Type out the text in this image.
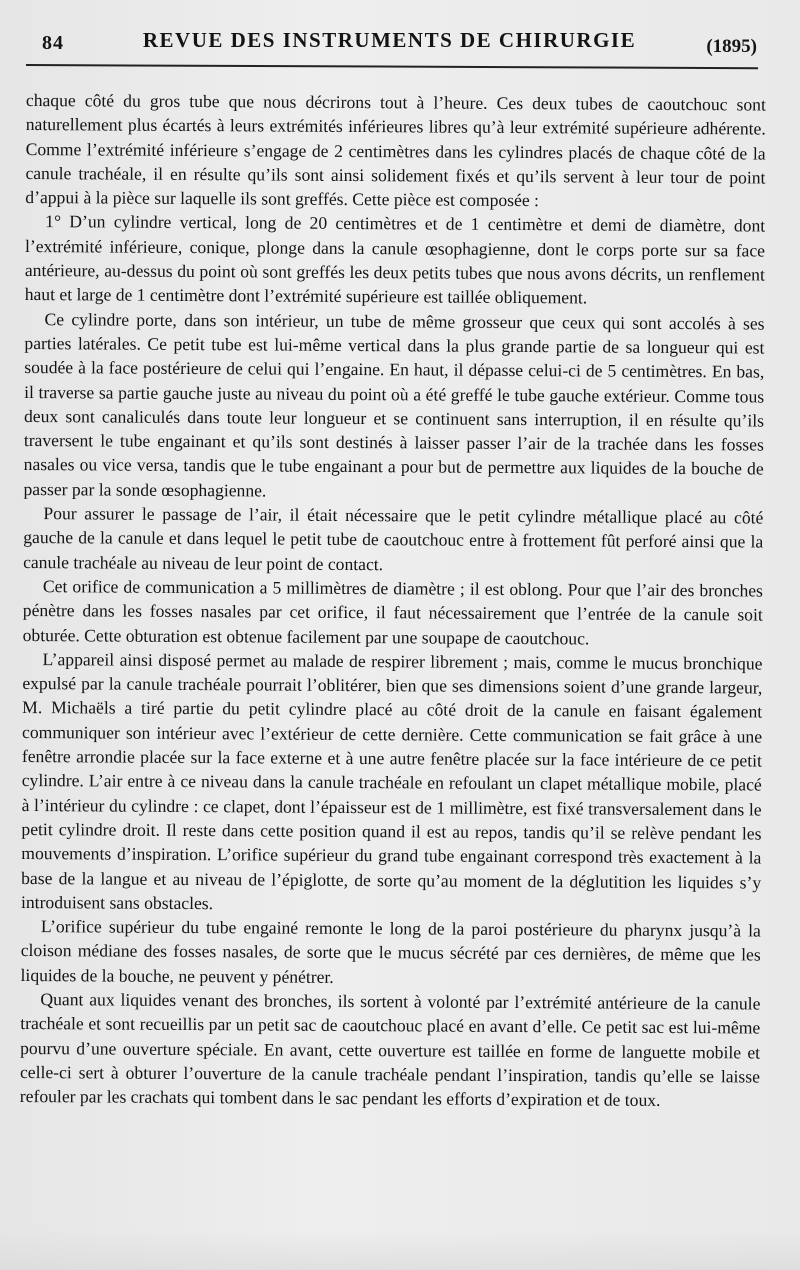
84	REVUE DES INSTRUMENTS DE CHIRURGIE	(1895)

chaque côté du gros tube que nous décrirons tout à l’heure. Ces deux tubes de caoutchouc sont naturellement plus écartés à leurs extrémités inférieures libres qu’à leur extrémité supérieure adhérente. Comme l’extrémité inférieure s’engage de 2 centimètres dans les cylindres placés de chaque côté de la canule trachéale, il en résulte qu’ils sont ainsi solidement fixés et qu’ils servent à leur tour de point d’appui à la pièce sur laquelle ils sont greffés. Cette pièce est composée :

1° D’un cylindre vertical, long de 20 centimètres et de 1 centimètre et demi de diamètre, dont l’extrémité inférieure, conique, plonge dans la canule œsophagienne, dont le corps porte sur sa face antérieure, au-dessus du point où sont greffés les deux petits tubes que nous avons décrits, un renflement haut et large de 1 centimètre dont l’extrémité supérieure est taillée obliquement.

Ce cylindre porte, dans son intérieur, un tube de même grosseur que ceux qui sont accolés à ses parties latérales. Ce petit tube est lui-même vertical dans la plus grande partie de sa longueur qui est soudée à la face postérieure de celui qui l’engaine. En haut, il dépasse celui-ci de 5 centimètres. En bas, il traverse sa partie gauche juste au niveau du point où a été greffé le tube gauche extérieur. Comme tous deux sont canaliculés dans toute leur longueur et se continuent sans interruption, il en résulte qu’ils traversent le tube engainant et qu’ils sont destinés à laisser passer l’air de la trachée dans les fosses nasales ou vice versa, tandis que le tube engainant a pour but de permettre aux liquides de la bouche de passer par la sonde œsophagienne.

Pour assurer le passage de l’air, il était nécessaire que le petit cylindre métallique placé au côté gauche de la canule et dans lequel le petit tube de caoutchouc entre à frottement fût perforé ainsi que la canule trachéale au niveau de leur point de contact.

Cet orifice de communication a 5 millimètres de diamètre ; il est oblong. Pour que l’air des bronches pénètre dans les fosses nasales par cet orifice, il faut nécessairement que l’entrée de la canule soit obturée. Cette obturation est obtenue facilement par une soupape de caoutchouc.

L’appareil ainsi disposé permet au malade de respirer librement ; mais, comme le mucus bronchique expulsé par la canule trachéale pourrait l’oblitérer, bien que ses dimensions soient d’une grande largeur, M. Michaëls a tiré partie du petit cylindre placé au côté droit de la canule en faisant également communiquer son intérieur avec l’extérieur de cette dernière. Cette communication se fait grâce à une fenêtre arrondie placée sur la face externe et à une autre fenêtre placée sur la face intérieure de ce petit cylindre. L’air entre à ce niveau dans la canule trachéale en refoulant un clapet métallique mobile, placé à l’intérieur du cylindre : ce clapet, dont l’épaisseur est de 1 millimètre, est fixé transversalement dans le petit cylindre droit. Il reste dans cette position quand il est au repos, tandis qu’il se relève pendant les mouvements d’inspiration. L’orifice supérieur du grand tube engainant correspond très exactement à la base de la langue et au niveau de l’épiglotte, de sorte qu’au moment de la déglutition les liquides s’y introduisent sans obstacles.

L’orifice supérieur du tube engainé remonte le long de la paroi postérieure du pharynx jusqu’à la cloison médiane des fosses nasales, de sorte que le mucus sécrété par ces dernières, de même que les liquides de la bouche, ne peuvent y pénétrer.

Quant aux liquides venant des bronches, ils sortent à volonté par l’extrémité antérieure de la canule trachéale et sont recueillis par un petit sac de caoutchouc placé en avant d’elle. Ce petit sac est lui-même pourvu d’une ouverture spéciale. En avant, cette ouverture est taillée en forme de languette mobile et celle-ci sert à obturer l’ouverture de la canule trachéale pendant l’inspiration, tandis qu’elle se laisse refouler par les crachats qui tombent dans le sac pendant les efforts d’expiration et de toux.
